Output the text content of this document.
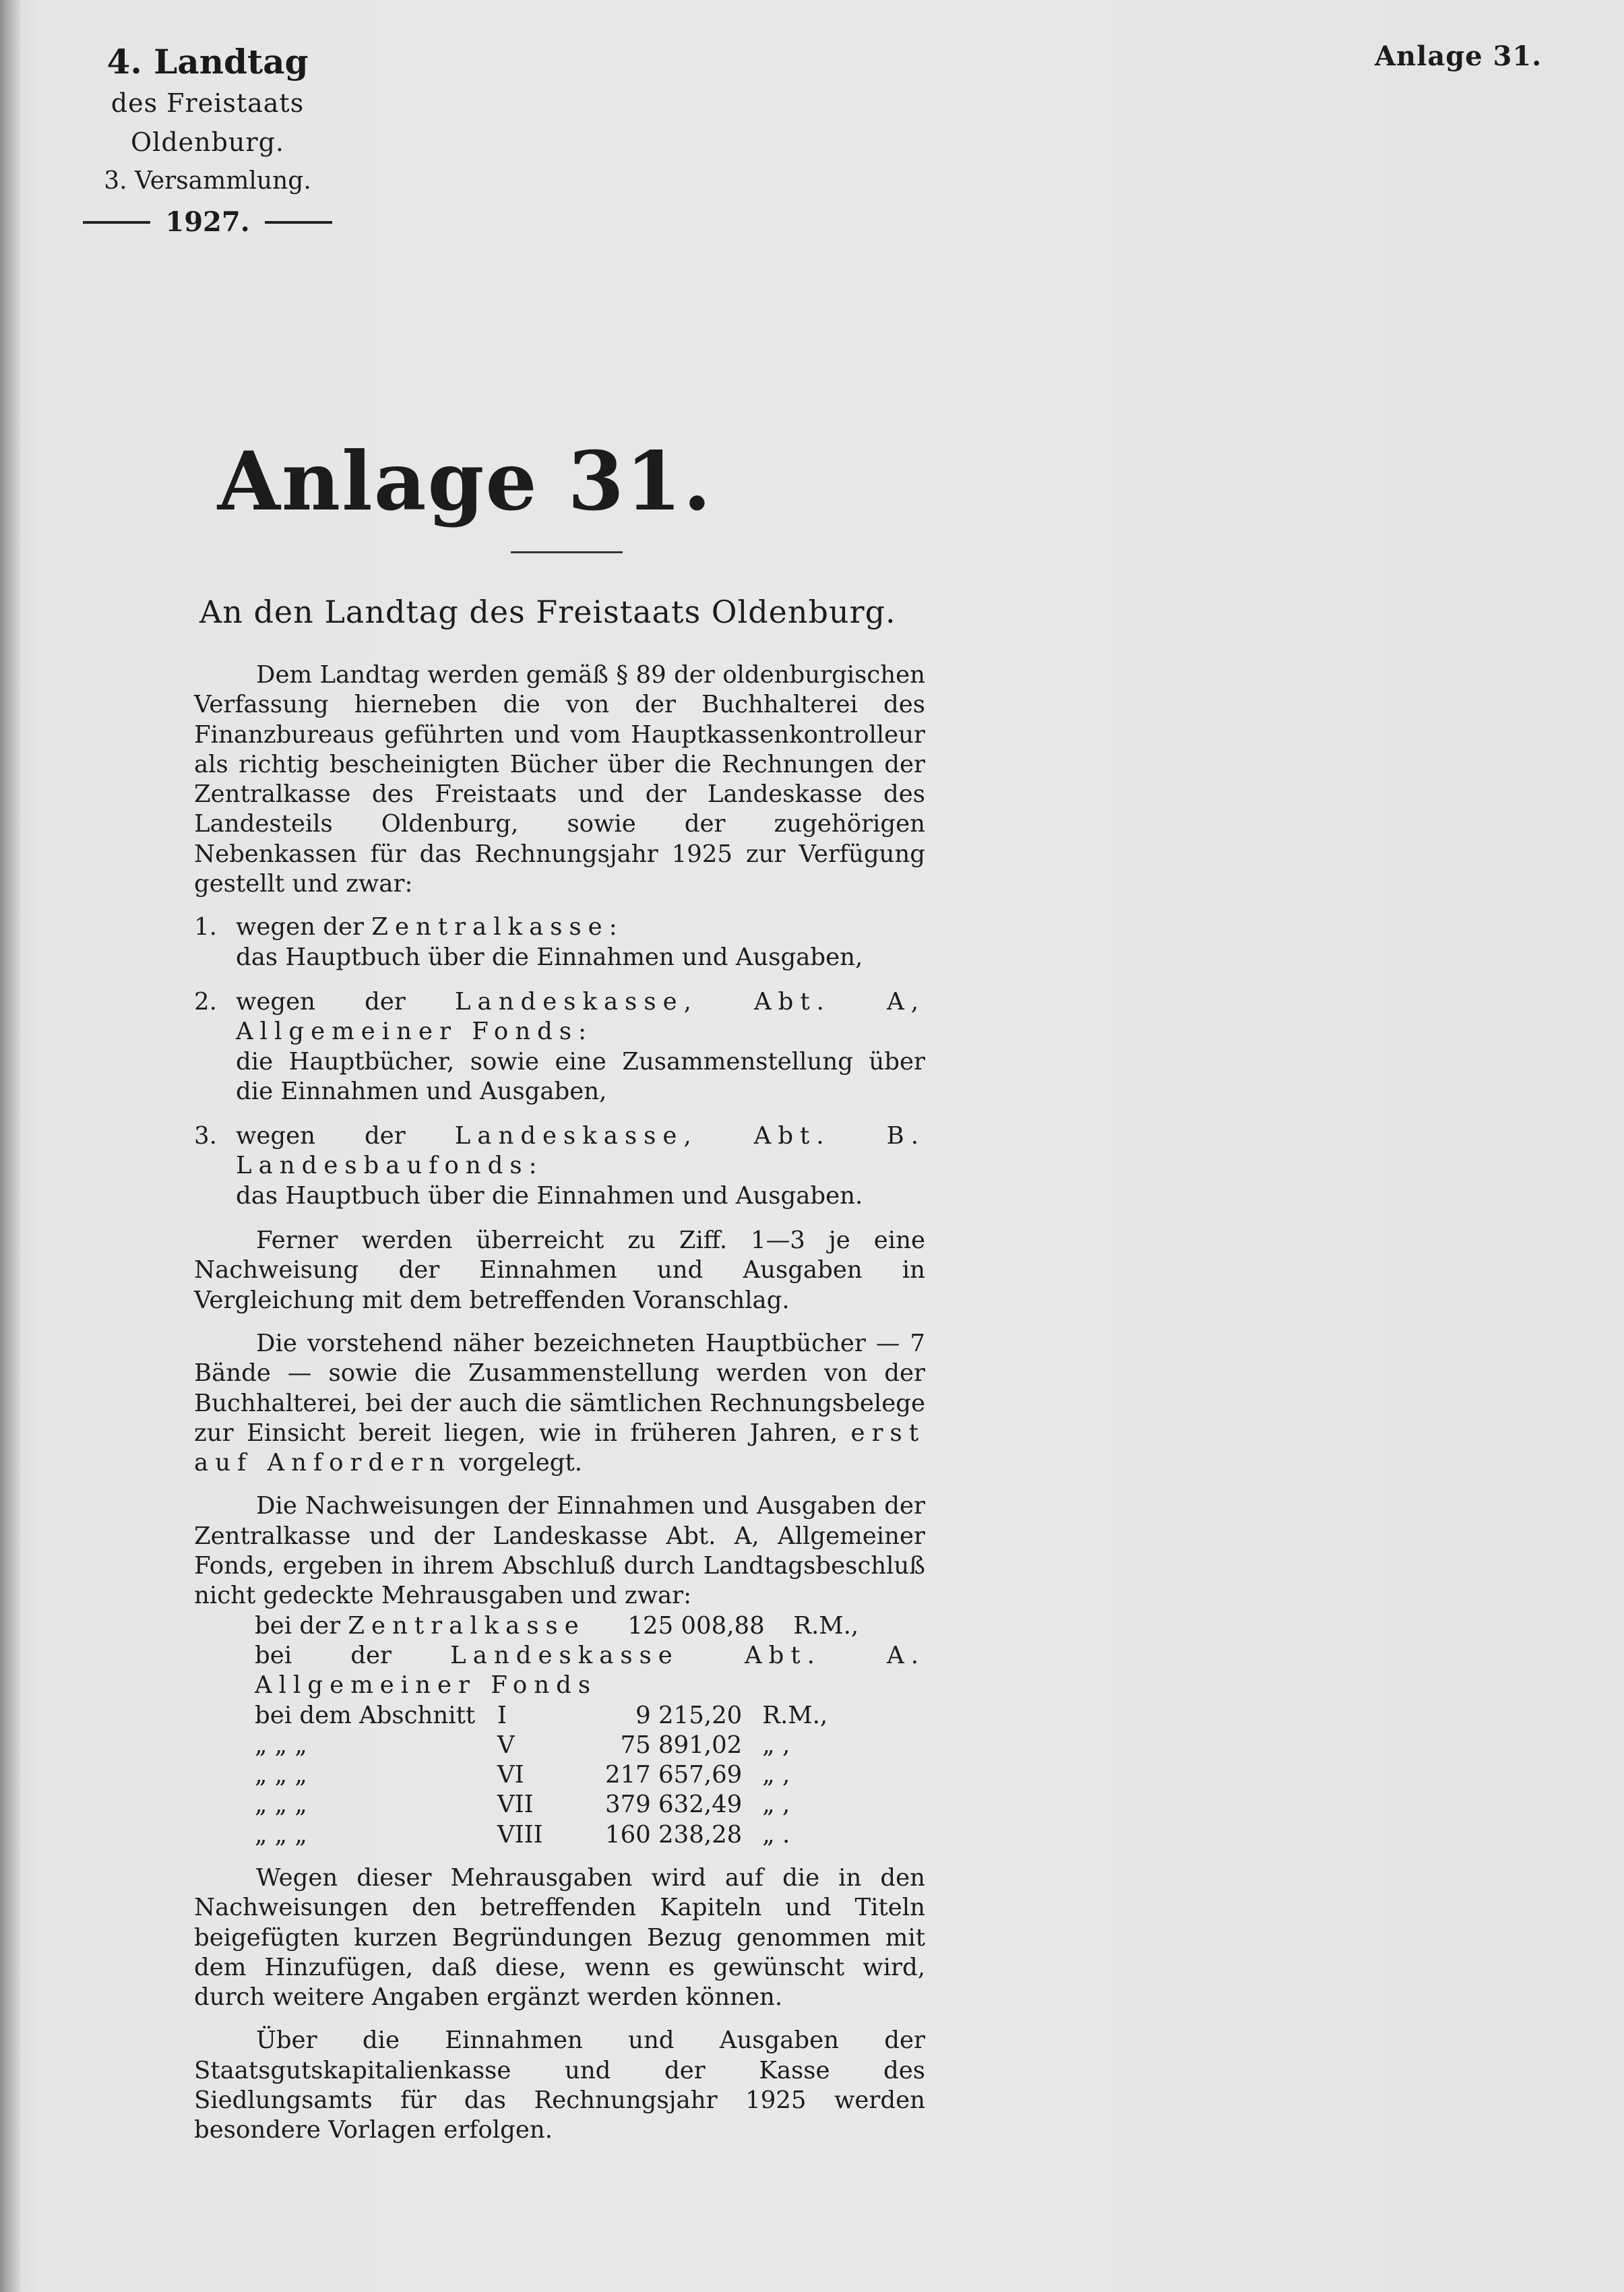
4. Landtag
des Freistaats Oldenburg.
3. Versammlung.
1927.
Anlage 31.
Anlage 31.
An den Landtag des Freistaats Oldenburg.

Dem Landtag werden gemäß § 89 der oldenburgischen Verfassung hierneben die von der Buchhalterei des Finanzbureaus geführten und vom Hauptkassenkontrolleur als richtig bescheinigten Bücher über die Rechnungen der Zentralkasse des Freistaats und der Landeskasse des Landesteils Oldenburg, sowie der zugehörigen Nebenkassen für das Rechnungsjahr 1925 zur Verfügung gestellt und zwar:

1. wegen der Zentralkasse:
das Hauptbuch über die Einnahmen und Ausgaben,
2. wegen der Landeskasse, Abt. A, Allgemeiner Fonds:
die Hauptbücher, sowie eine Zusammenstellung über die Einnahmen und Ausgaben,
3. wegen der Landeskasse, Abt. B. Landesbaufonds:
das Hauptbuch über die Einnahmen und Ausgaben.

Ferner werden überreicht zu Ziff. 1—3 je eine Nachweisung der Einnahmen und Ausgaben in Vergleichung mit dem betreffenden Voranschlag.

Die vorstehend näher bezeichneten Hauptbücher — 7 Bände — sowie die Zusammenstellung werden von der Buchhalterei, bei der auch die sämtlichen Rechnungsbelege zur Einsicht bereit liegen, wie in früheren Jahren, erst auf Anfordern vorgelegt.

Die Nachweisungen der Einnahmen und Ausgaben der Zentralkasse und der Landeskasse Abt. A, Allgemeiner Fonds, ergeben in ihrem Abschluß durch Landtagsbeschluß nicht gedeckte Mehrausgaben und zwar:

bei der Zentralkasse 125 008,88 R.M.,
bei der Landeskasse Abt. A. Allgemeiner Fonds
bei dem Abschnitt	I	9 215,20	R.M.,
„ „ „	V	75 891,02	„ ,
„ „ „	VI	217 657,69	„ ,
„ „ „	VII	379 632,49	„ ,
„ „ „	VIII	160 238,28	„ .

Wegen dieser Mehrausgaben wird auf die in den Nachweisungen den betreffenden Kapiteln und Titeln beigefügten kurzen Begründungen Bezug genommen mit dem Hinzufügen, daß diese, wenn es gewünscht wird, durch weitere Angaben ergänzt werden können.

Über die Einnahmen und Ausgaben der Staatsgutskapitalienkasse und der Kasse des Siedlungsamts für das Rechnungsjahr 1925 werden besondere Vorlagen erfolgen.
